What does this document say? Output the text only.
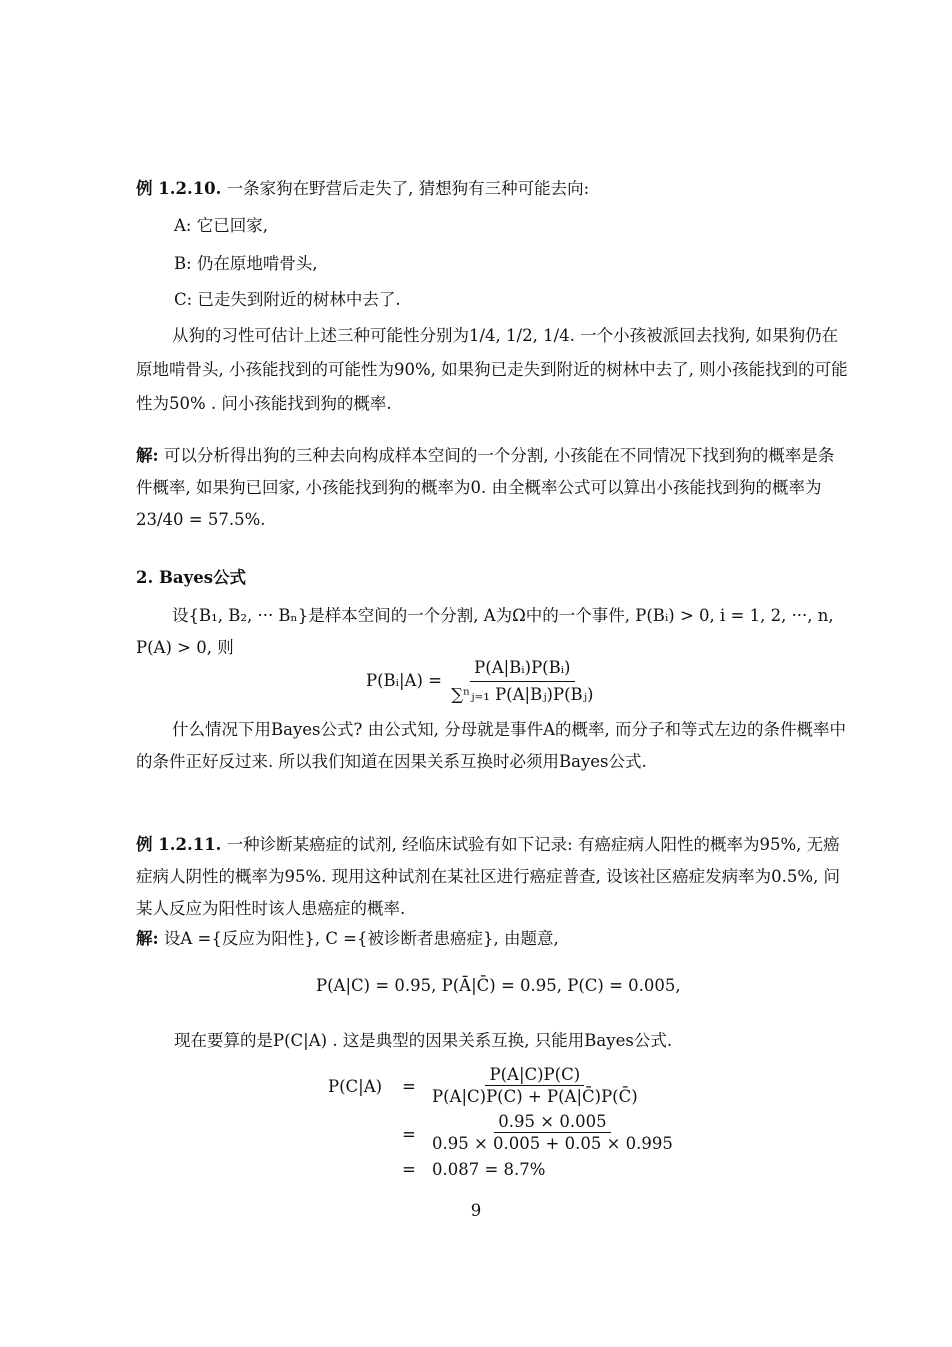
例 1.2.10. 一条家狗在野营后走失了, 猜想狗有三种可能去向:
A: 它已回家,
B: 仍在原地啃骨头,
C: 已走失到附近的树林中去了.
从狗的习性可估计上述三种可能性分别为1/4, 1/2, 1/4. 一个小孩被派回去找狗, 如果狗仍在原地啃骨头, 小孩能找到的可能性为90%, 如果狗已走失到附近的树林中去了, 则小孩能找到的可能性为50% . 问小孩能找到狗的概率.
解: 可以分析得出狗的三种去向构成样本空间的一个分割, 小孩能在不同情况下找到狗的概率是条件概率, 如果狗已回家, 小孩能找到狗的概率为0. 由全概率公式可以算出小孩能找到狗的概率为23/40 = 57.5%.
2. Bayes公式
设{B₁, B₂, ··· Bₙ}是样本空间的一个分割, A为Ω中的一个事件, P(Bᵢ) > 0, i = 1, 2, ···, n, P(A) > 0, 则
P(Bᵢ|A) = $\frac{\text{P(A|Bᵢ)P(Bᵢ)}}{\text{∑ⁿⱼ₌₁ P(A|Bⱼ)P(Bⱼ)}}$
什么情况下用Bayes公式? 由公式知, 分母就是事件A的概率, 而分子和等式左边的条件概率中的条件正好反过来. 所以我们知道在因果关系互换时必须用Bayes公式.
例 1.2.11. 一种诊断某癌症的试剂, 经临床试验有如下记录: 有癌症病人阳性的概率为95%, 无癌症病人阴性的概率为95%. 现用这种试剂在某社区进行癌症普查, 设该社区癌症发病率为0.5%, 问某人反应为阳性时该人患癌症的概率.
解: 设A ={反应为阳性}, C ={被诊断者患癌症}, 由题意,
P(A|C) = 0.95, P(Ā|C̄) = 0.95, P(C) = 0.005,
现在要算的是P(C|A) . 这是典型的因果关系互换, 只能用Bayes公式.
$P(C|A) = \frac{P(A|C)P(C)}{P(A|C)P(C) + P(A|C̄)P(C̄)}$
= $\frac{0.95 \times 0.005}{0.95 \times 0.005 + 0.05 \times 0.995}$
= 0.087 = 8.7%
9
